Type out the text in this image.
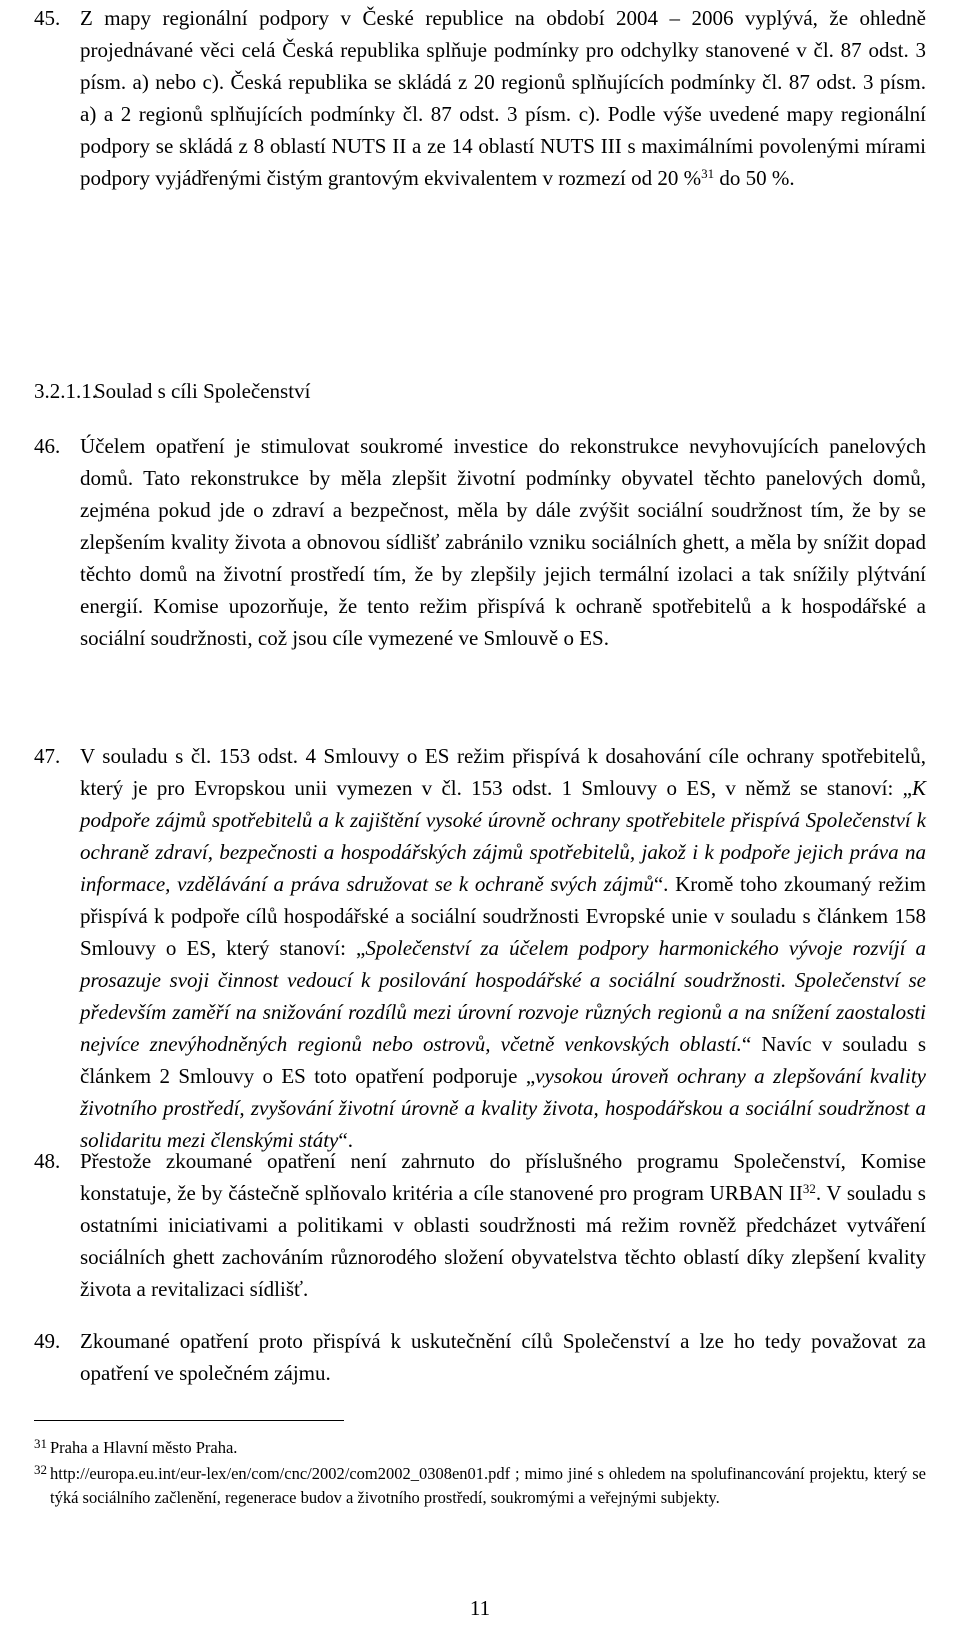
45. Z mapy regionální podpory v České republice na období 2004 – 2006 vyplývá, že ohledně projednávané věci celá Česká republika splňuje podmínky pro odchylky stanovené v čl. 87 odst. 3 písm. a) nebo c). Česká republika se skládá z 20 regionů splňujících podmínky čl. 87 odst. 3 písm. a) a 2 regionů splňujících podmínky čl. 87 odst. 3 písm. c). Podle výše uvedené mapy regionální podpory se skládá z 8 oblastí NUTS II a ze 14 oblastí NUTS III s maximálními povolenými mírami podpory vyjádřenými čistým grantovým ekvivalentem v rozmezí od 20 %$^{31}$ do 50 %.
3.2.1.1.Soulad s cíli Společenství
46. Účelem opatření je stimulovat soukromé investice do rekonstrukce nevyhovujících panelových domů. Tato rekonstrukce by měla zlepšit životní podmínky obyvatel těchto panelových domů, zejména pokud jde o zdraví a bezpečnost, měla by dále zvýšit sociální soudržnost tím, že by se zlepšením kvality života a obnovou sídlišť zabránilo vzniku sociálních ghett, a měla by snížit dopad těchto domů na životní prostředí tím, že by zlepšily jejich termální izolaci a tak snížily plýtvání energií. Komise upozorňuje, že tento režim přispívá k ochraně spotřebitelů a k hospodářské a sociální soudržnosti, což jsou cíle vymezené ve Smlouvě o ES.
47. V souladu s čl. 153 odst. 4 Smlouvy o ES režim přispívá k dosahování cíle ochrany spotřebitelů, který je pro Evropskou unii vymezen v čl. 153 odst. 1 Smlouvy o ES, v němž se stanoví: „K podpoře zájmů spotřebitelů a k zajištění vysoké úrovně ochrany spotřebitele přispívá Společenství k ochraně zdraví, bezpečnosti a hospodářských zájmů spotřebitelů, jakož i k podpoře jejich práva na informace, vzdělávání a práva sdružovat se k ochraně svých zájmů“. Kromě toho zkoumaný režim přispívá k podpoře cílů hospodářské a sociální soudržnosti Evropské unie v souladu s článkem 158 Smlouvy o ES, který stanoví: „Společenství za účelem podpory harmonického vývoje rozvíjí a prosazuje svoji činnost vedoucí k posilování hospodářské a sociální soudržnosti. Společenství se především zaměří na snižování rozdílů mezi úrovní rozvoje různých regionů a na snížení zaostalosti nejvíce znevýhodněných regionů nebo ostrovů, včetně venkovských oblastí.“ Navíc v souladu s článkem 2 Smlouvy o ES toto opatření podporuje „vysokou úroveň ochrany a zlepšování kvality životního prostředí, zvyšování životní úrovně a kvality života, hospodářskou a sociální soudržnost a solidaritu mezi členskými státy“.
48. Přestože zkoumané opatření není zahrnuto do příslušného programu Společenství, Komise konstatuje, že by částečně splňovalo kritéria a cíle stanovené pro program URBAN II$^{32}$. V souladu s ostatními iniciativami a politikami v oblasti soudržnosti má režim rovněž předcházet vytváření sociálních ghett zachováním různorodého složení obyvatelstva těchto oblastí díky zlepšení kvality života a revitalizaci sídlišť.
49. Zkoumané opatření proto přispívá k uskutečnění cílů Společenství a lze ho tedy považovat za opatření ve společném zájmu.
31 Praha a Hlavní město Praha.
32 http://europa.eu.int/eur-lex/en/com/cnc/2002/com2002_0308en01.pdf ; mimo jiné s ohledem na spolufinancování projektu, který se týká sociálního začlenění, regenerace budov a životního prostředí, soukromými a veřejnými subjekty.
11
